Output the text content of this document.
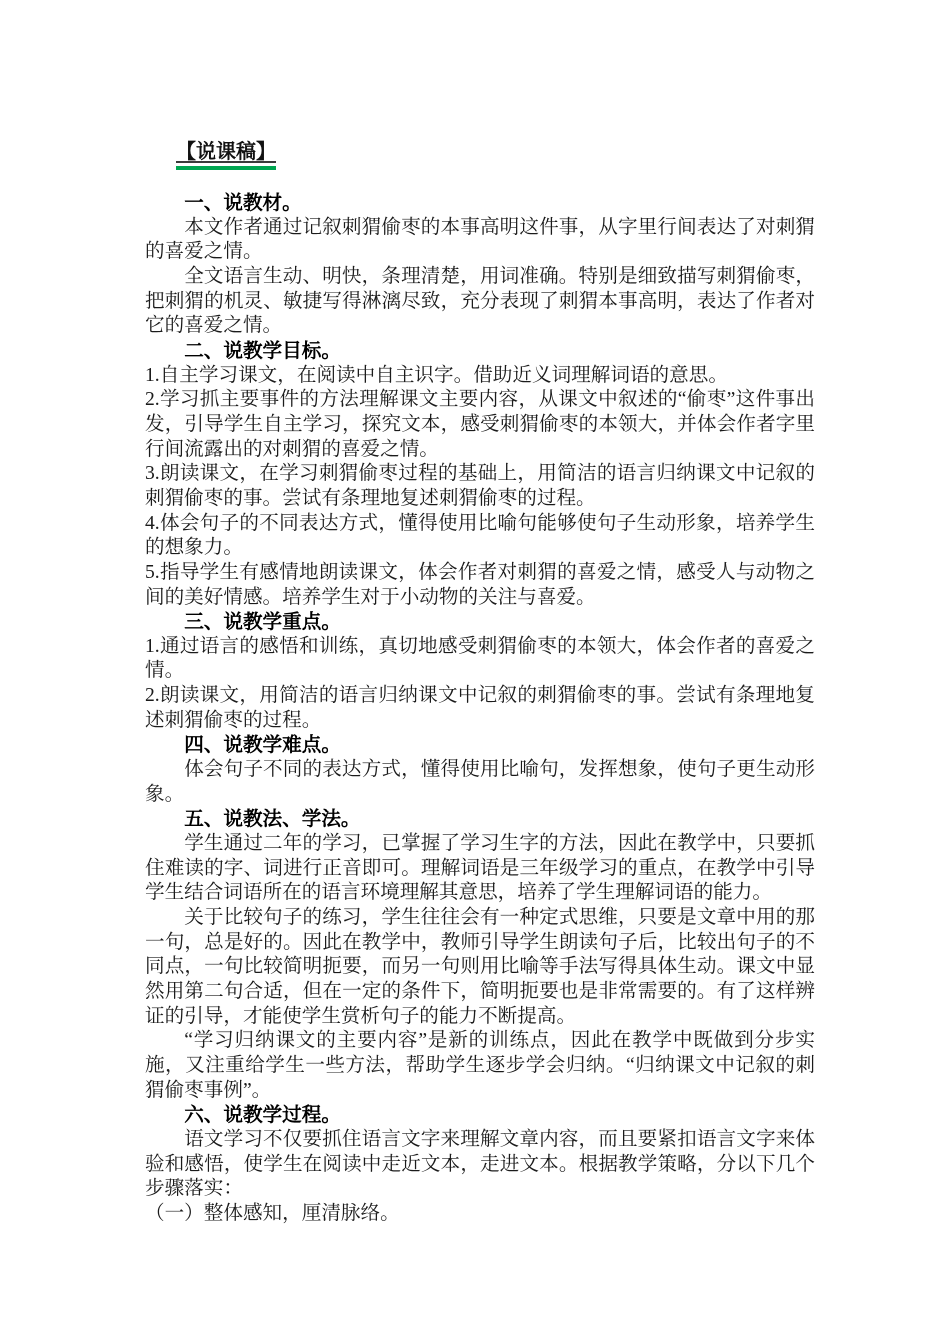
【说课稿】

一、说教材。

本文作者通过记叙刺猬偷枣的本事高明这件事，从字里行间表达了对刺猬的喜爱之情。

全文语言生动、明快，条理清楚，用词准确。特别是细致描写刺猬偷枣，把刺猬的机灵、敏捷写得淋漓尽致，充分表现了刺猬本事高明，表达了作者对它的喜爱之情。

二、说教学目标。

1.自主学习课文，在阅读中自主识字。借助近义词理解词语的意思。

2.学习抓主要事件的方法理解课文主要内容，从课文中叙述的“偷枣”这件事出发，引导学生自主学习，探究文本，感受刺猬偷枣的本领大，并体会作者字里行间流露出的对刺猬的喜爱之情。

3.朗读课文，在学习刺猬偷枣过程的基础上，用简洁的语言归纳课文中记叙的刺猬偷枣的事。尝试有条理地复述刺猬偷枣的过程。

4.体会句子的不同表达方式，懂得使用比喻句能够使句子生动形象，培养学生的想象力。

5.指导学生有感情地朗读课文，体会作者对刺猬的喜爱之情，感受人与动物之间的美好情感。培养学生对于小动物的关注与喜爱。

三、说教学重点。

1.通过语言的感悟和训练，真切地感受刺猬偷枣的本领大，体会作者的喜爱之情。

2.朗读课文，用简洁的语言归纳课文中记叙的刺猬偷枣的事。尝试有条理地复述刺猬偷枣的过程。

四、说教学难点。

体会句子不同的表达方式，懂得使用比喻句，发挥想象，使句子更生动形象。

五、说教法、学法。

学生通过二年的学习，已掌握了学习生字的方法，因此在教学中，只要抓住难读的字、词进行正音即可。理解词语是三年级学习的重点，在教学中引导学生结合词语所在的语言环境理解其意思，培养了学生理解词语的能力。

关于比较句子的练习，学生往往会有一种定式思维，只要是文章中用的那一句，总是好的。因此在教学中，教师引导学生朗读句子后，比较出句子的不同点，一句比较简明扼要，而另一句则用比喻等手法写得具体生动。课文中显然用第二句合适，但在一定的条件下，简明扼要也是非常需要的。有了这样辨证的引导，才能使学生赏析句子的能力不断提高。

“学习归纳课文的主要内容”是新的训练点，因此在教学中既做到分步实施，又注重给学生一些方法，帮助学生逐步学会归纳。“归纳课文中记叙的刺猬偷枣事例”。

六、说教学过程。

语文学习不仅要抓住语言文字来理解文章内容，而且要紧扣语言文字来体验和感悟，使学生在阅读中走近文本，走进文本。根据教学策略，分以下几个步骤落实：

（一）整体感知，厘清脉络。
